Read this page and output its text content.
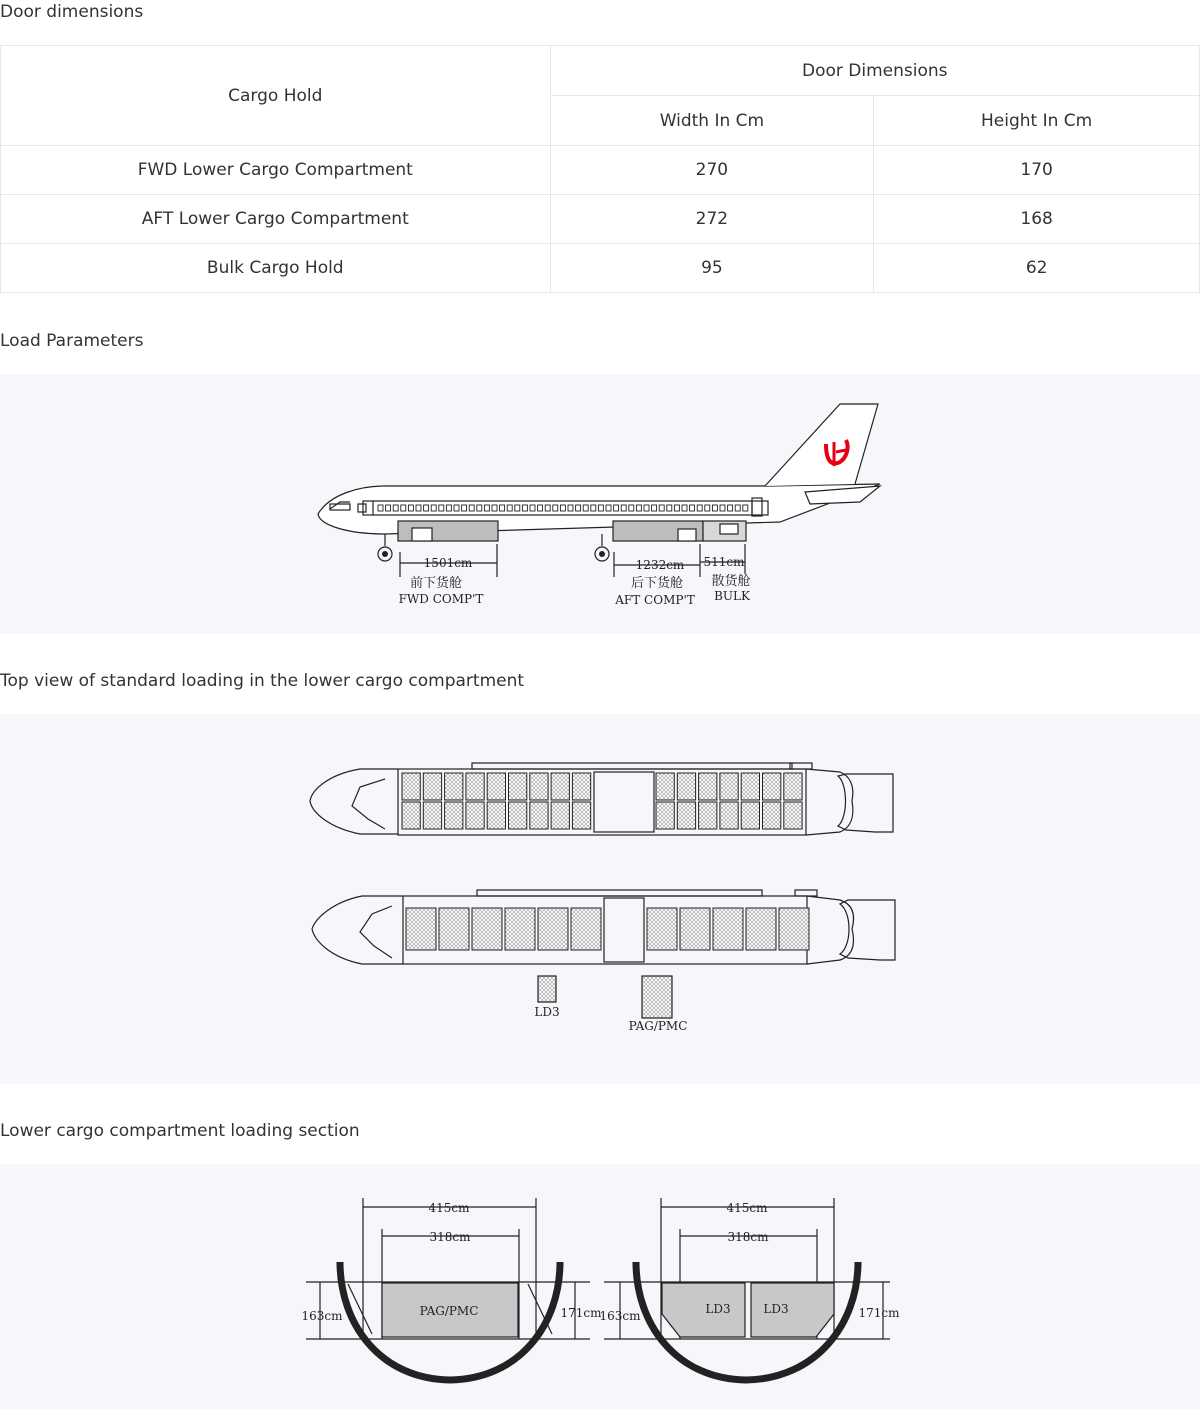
Door dimensions
Cargo Hold	Door Dimensions	
	Width In Cm	Height In Cm
FWD Lower Cargo Compartment	270	170
AFT Lower Cargo Compartment	272	168
Bulk Cargo Hold	95	62
Load Parameters
1501cm
前下货舱
FWD COMP'T
1232cm
后下货舱
AFT COMP'T
511cm
散货舱
BULK
Top view of standard loading in the lower cargo compartment
LD3
PAG/PMC
Lower cargo compartment loading section
415cm
318cm
163cm	171cm
PAG/PMC
415cm
318cm
163cm	171cm
LD3	LD3
